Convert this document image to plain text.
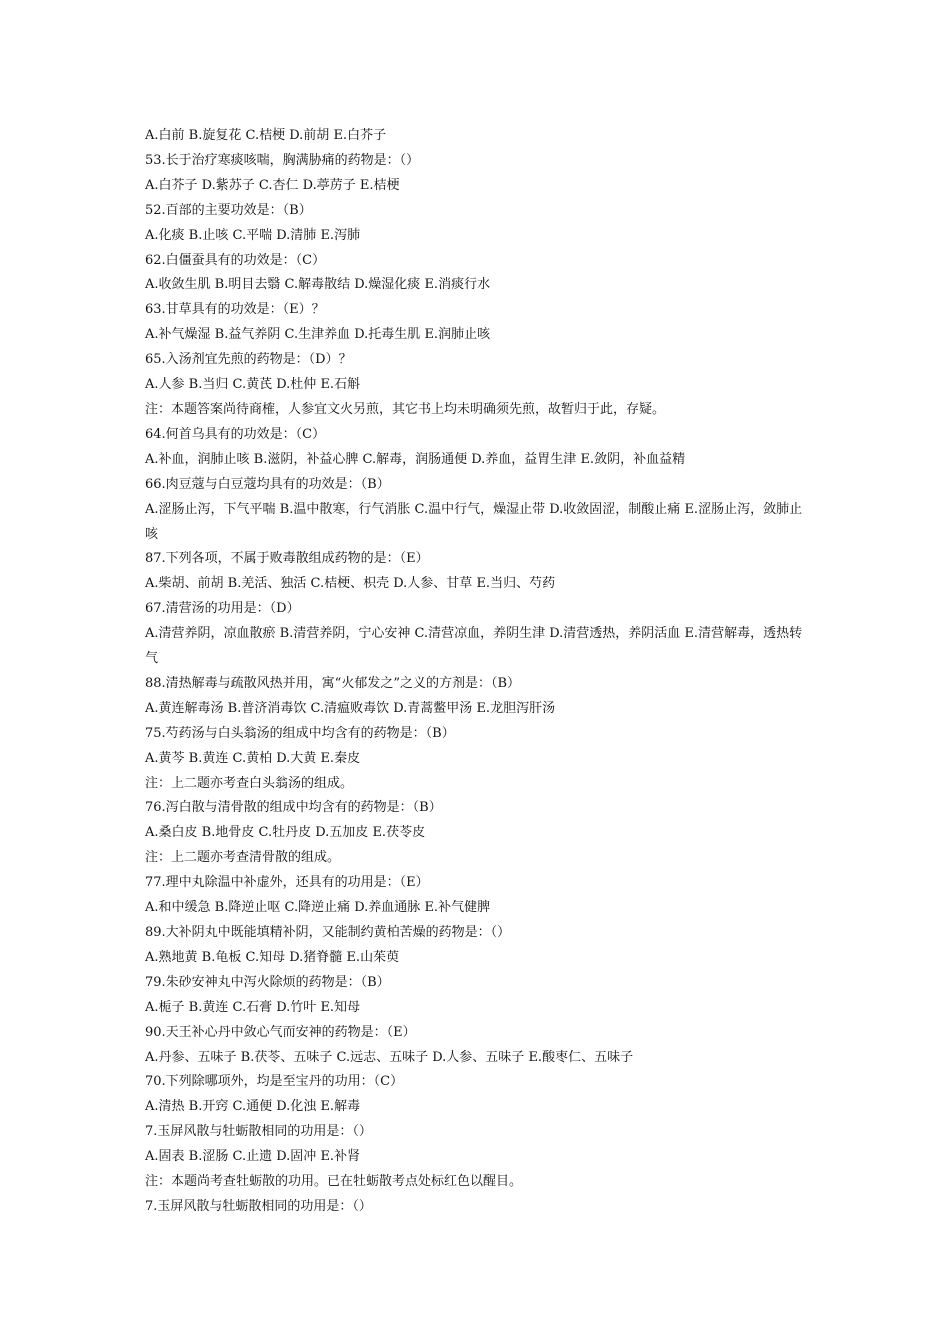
A.白前 B.旋复花 C.桔梗 D.前胡 E.白芥子
53.长于治疗寒痰咳喘，胸满胁痛的药物是：（）
A.白芥子 D.紫苏子 C.杏仁 D.葶苈子 E.桔梗
52.百部的主要功效是：（B）
A.化痰 B.止咳 C.平喘 D.清肺 E.泻肺
62.白僵蚕具有的功效是：（C）
A.收敛生肌 B.明目去翳 C.解毒散结 D.燥湿化痰 E.消痰行水
63.甘草具有的功效是：（E）？
A.补气燥湿 B.益气养阴 C.生津养血 D.托毒生肌 E.润肺止咳
65.入汤剂宜先煎的药物是：（D）？
A.人参 B.当归 C.黄芪 D.杜仲 E.石斛
注：本题答案尚待商榷，人参宜文火另煎，其它书上均未明确须先煎，故暂归于此，存疑。
64.何首乌具有的功效是：（C）
A.补血，润肺止咳 B.滋阴，补益心脾 C.解毒，润肠通便 D.养血，益胃生津 E.敛阴，补血益精
66.肉豆蔻与白豆蔻均具有的功效是：（B）
A.涩肠止泻，下气平喘 B.温中散寒，行气消胀 C.温中行气，燥湿止带 D.收敛固涩，制酸止痛 E.涩肠止泻，敛肺止咳
87.下列各项，不属于败毒散组成药物的是：（E）
A.柴胡、前胡 B.羌活、独活 C.桔梗、枳壳 D.人参、甘草 E.当归、芍药
67.清营汤的功用是：（D）
A.清营养阴，凉血散瘀 B.清营养阴，宁心安神 C.清营凉血，养阴生津 D.清营透热，养阴活血 E.清营解毒，透热转气
88.清热解毒与疏散风热并用，寓“火郁发之”之义的方剂是：（B）
A.黄连解毒汤 B.普济消毒饮 C.清瘟败毒饮 D.青蒿鳖甲汤 E.龙胆泻肝汤
75.芍药汤与白头翁汤的组成中均含有的药物是：（B）
A.黄芩 B.黄连 C.黄柏 D.大黄 E.秦皮
注：上二题亦考查白头翁汤的组成。
76.泻白散与清骨散的组成中均含有的药物是：（B）
A.桑白皮 B.地骨皮 C.牡丹皮 D.五加皮 E.茯苓皮
注：上二题亦考查清骨散的组成。
77.理中丸除温中补虚外，还具有的功用是：（E）
A.和中缓急 B.降逆止呕 C.降逆止痛 D.养血通脉 E.补气健脾
89.大补阴丸中既能填精补阴，又能制约黄柏苦燥的药物是：（）
A.熟地黄 B.龟板 C.知母 D.猪脊髓 E.山茱萸
79.朱砂安神丸中泻火除烦的药物是：（B）
A.栀子 B.黄连 C.石膏 D.竹叶 E.知母
90.天王补心丹中敛心气而安神的药物是：（E）
A.丹参、五味子 B.茯苓、五味子 C.远志、五味子 D.人参、五味子 E.酸枣仁、五味子
70.下列除哪项外，均是至宝丹的功用：（C）
A.清热 B.开窍 C.通便 D.化浊 E.解毒
7.玉屏风散与牡蛎散相同的功用是：（）
A.固表 B.涩肠 C.止遗 D.固冲 E.补肾
注：本题尚考查牡蛎散的功用。已在牡蛎散考点处标红色以醒目。
7.玉屏风散与牡蛎散相同的功用是：（）
